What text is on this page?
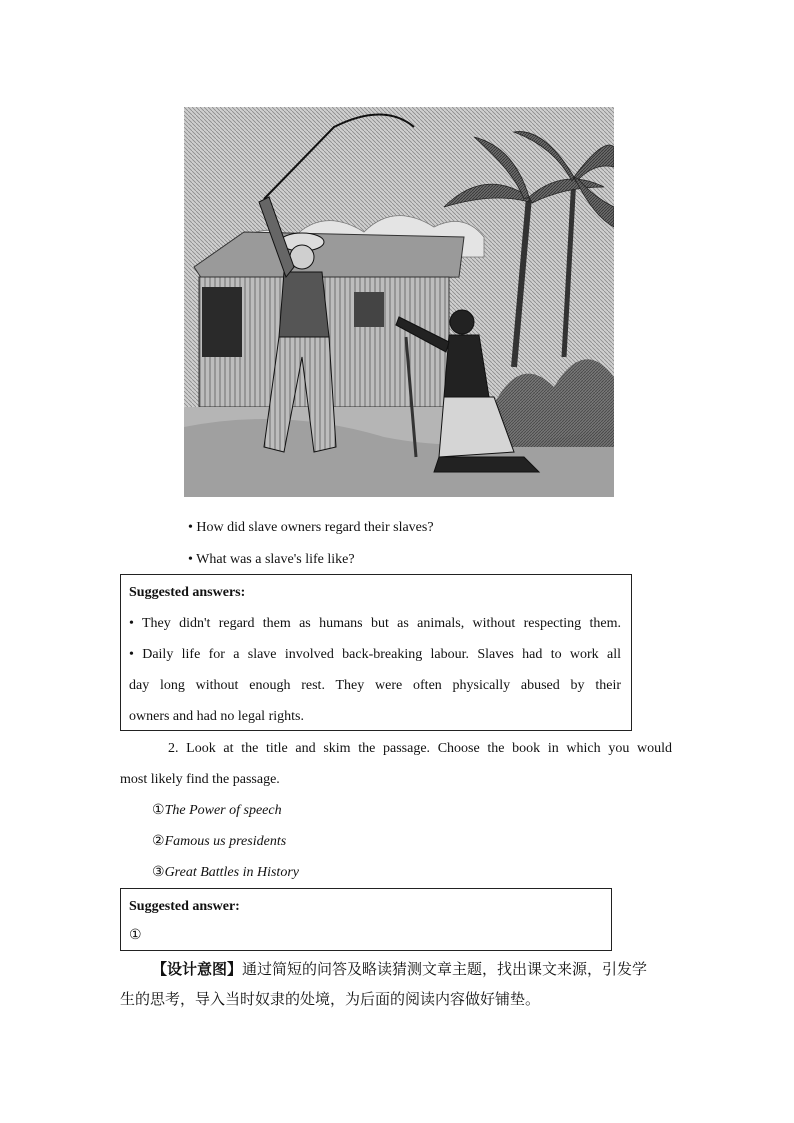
• How did slave owners regard their slaves?
• What was a slave's life like?
Suggested answers:
• They didn't regard them as humans but as animals, without respecting them.
• Daily life for a slave involved back-breaking labour. Slaves had to work all
day long without enough rest. They were often physically abused by their
owners and had no legal rights.
2. Look at the title and skim the passage. Choose the book in which you would
most likely find the passage.
①The Power of speech
②Famous us presidents
③Great Battles in History
Suggested answer:
①
【设计意图】通过简短的问答及略读猜测文章主题，找出课文来源，引发学
生的思考，导入当时奴隶的处境，为后面的阅读内容做好铺垫。
